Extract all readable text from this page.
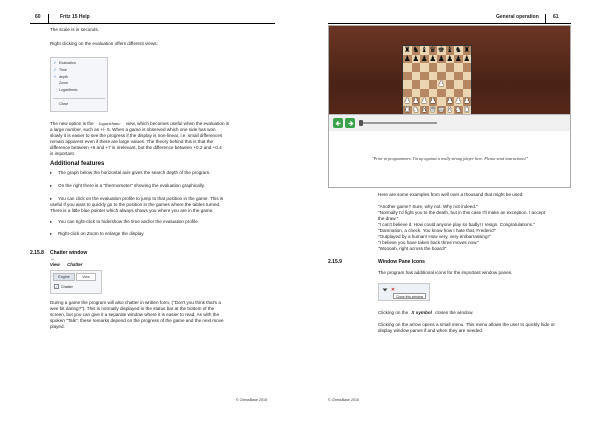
60	Fritz 15 Help
The scale is in seconds.
Right clicking on the evaluation offers different views:
✓ Evaluation
✓ Time
✓ depth
Zoom
Logarithmic
Close
The new option is the logarithmic view, which becomes useful when the evaluation is
a large number, such as +/- 5. When a game is observed which one side has won
slowly it is easier to see the progress if the display is non-linear, i.e. small differences
remain apparent even if there are large values. The theory behind this is that the
difference between +6 and +7 is irrelevant, but the difference between +0.2 and +0.4
is important.
Additional features
▸	The graph below the horizontal axis gives the search depth of the program.
▸	On the right there is a "thermometer" showing the evaluation graphically.
▸	You can click on the evaluation profile to jump to that position in the game. This is
useful if you want to quickly go to the position in the games where the tables turned.
There is a little blue pointer which always shows you where you are in the game.
▸	You can right-click to hide/show the time and/or the evaluation profile.
▸	Right-click on Zoom to enlarge the display.
2.15.8 Chatter window
→
View Chatter
Engine	View
✓ Chatter
During a game the program will also chatter in written form, ("Don't you think that's a
wee bit daring?"). This is normally displayed in the status bar at the bottom of the
screen, but you can give it a separate window where it is easier to read. As with the
spoken "Talk", these remarks depend on the progress of the game and the next move
played.
© ChessBase 2015
General operation	61
♜ ♞ ♝ ♛ ♚ ♝ ♞ ♜
♟ ♟ ♟ ♟ ♟ ♟ ♟ ♟
♟
♟ ♟ ♟ ♟ ♟ ♟ ♟
♜ ♞ ♝ ♛ ♚ ♝ ♞ ♜
"Prior to programmers. I'm up against a really strong player here. Please send instructions!"
Here are some examples from well over a thousand that might be used:
"Another game? Sure, why not. Why not indeed."
"Normally I'd fight you to the death, but in this case I'll make an exception. I accept
the draw."
"I can't believe it. How could anyone play so badly! I resign. Congratulations."
"Damnation, a check. You know how I hate that, Frederic!"
"Outplayed by a human! How very, very embarrassing!"
"I believe you have taken back three moves now."
"Woooah, right across the board!"
2.15.9	Window Pane Icons
The program has additional icons for the important window panes.
✕
Close this window
Clicking on the X symbol closes the window.
Clicking on the arrow opens a small menu. This menu allows the user to quickly hide or
display window panes if and when they are needed.
© ChessBase 2015
